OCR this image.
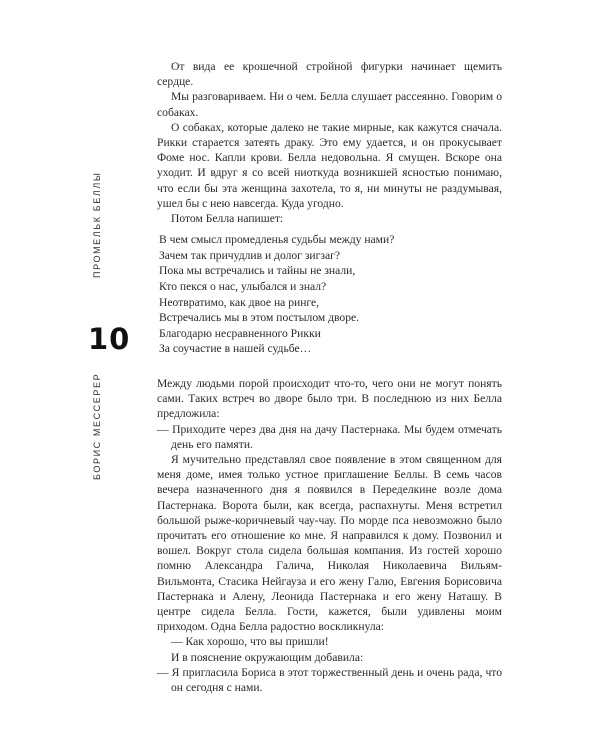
ПРОМЕЛЬК БЕЛЛЫ
10
БОРИС МЕССЕРЕР

От вида ее крошечной стройной фигурки начинает щемить сердце.

Мы разговариваем. Ни о чем. Белла слушает рассеянно. Говорим о собаках.

О собаках, которые далеко не такие мирные, как кажутся сначала. Рикки старается затеять драку. Это ему удается, и он прокусывает Фоме нос. Капли крови. Белла недовольна. Я смущен. Вскоре она уходит. И вдруг я со всей ниоткуда возникшей ясностью понимаю, что если бы эта женщина захотела, то я, ни минуты не раздумывая, ушел бы с нею навсегда. Куда угодно.

Потом Белла напишет:

В чем смысл промедленья судьбы между нами?

Зачем так причудлив и долог зигзаг?

Пока мы встречались и тайны не знали,

Кто пекся о нас, улыбался и знал?

Неотвратимо, как двое на ринге,

Встречались мы в этом постылом дворе.

Благодарю несравненного Рикки

За соучастие в нашей судьбе…

Между людьми порой происходит что-то, чего они не могут понять сами. Таких встреч во дворе было три. В последнюю из них Белла предложила:

— Приходите через два дня на дачу Пастернака. Мы будем отмечать день его памяти.

Я мучительно представлял свое появление в этом священном для меня доме, имея только устное приглашение Беллы. В семь часов вечера назначенного дня я появился в Переделкине возле дома Пастернака. Ворота были, как всегда, распахнуты. Меня встретил большой рыже-коричневый чау-чау. По морде пса невозможно было прочитать его отношение ко мне. Я направился к дому. Позвонил и вошел. Вокруг стола сидела большая компания. Из гостей хорошо помню Александра Галича, Николая Николаевича Вильям-Вильмонта, Стасика Нейгауза и его жену Галю, Евгения Борисовича Пастернака и Алену, Леонида Пастернака и его жену Наташу. В центре сидела Белла. Гости, кажется, были удивлены моим приходом. Одна Белла радостно воскликнула:

— Как хорошо, что вы пришли!

И в пояснение окружающим добавила:

— Я пригласила Бориса в этот торжественный день и очень рада, что он сегодня с нами.
